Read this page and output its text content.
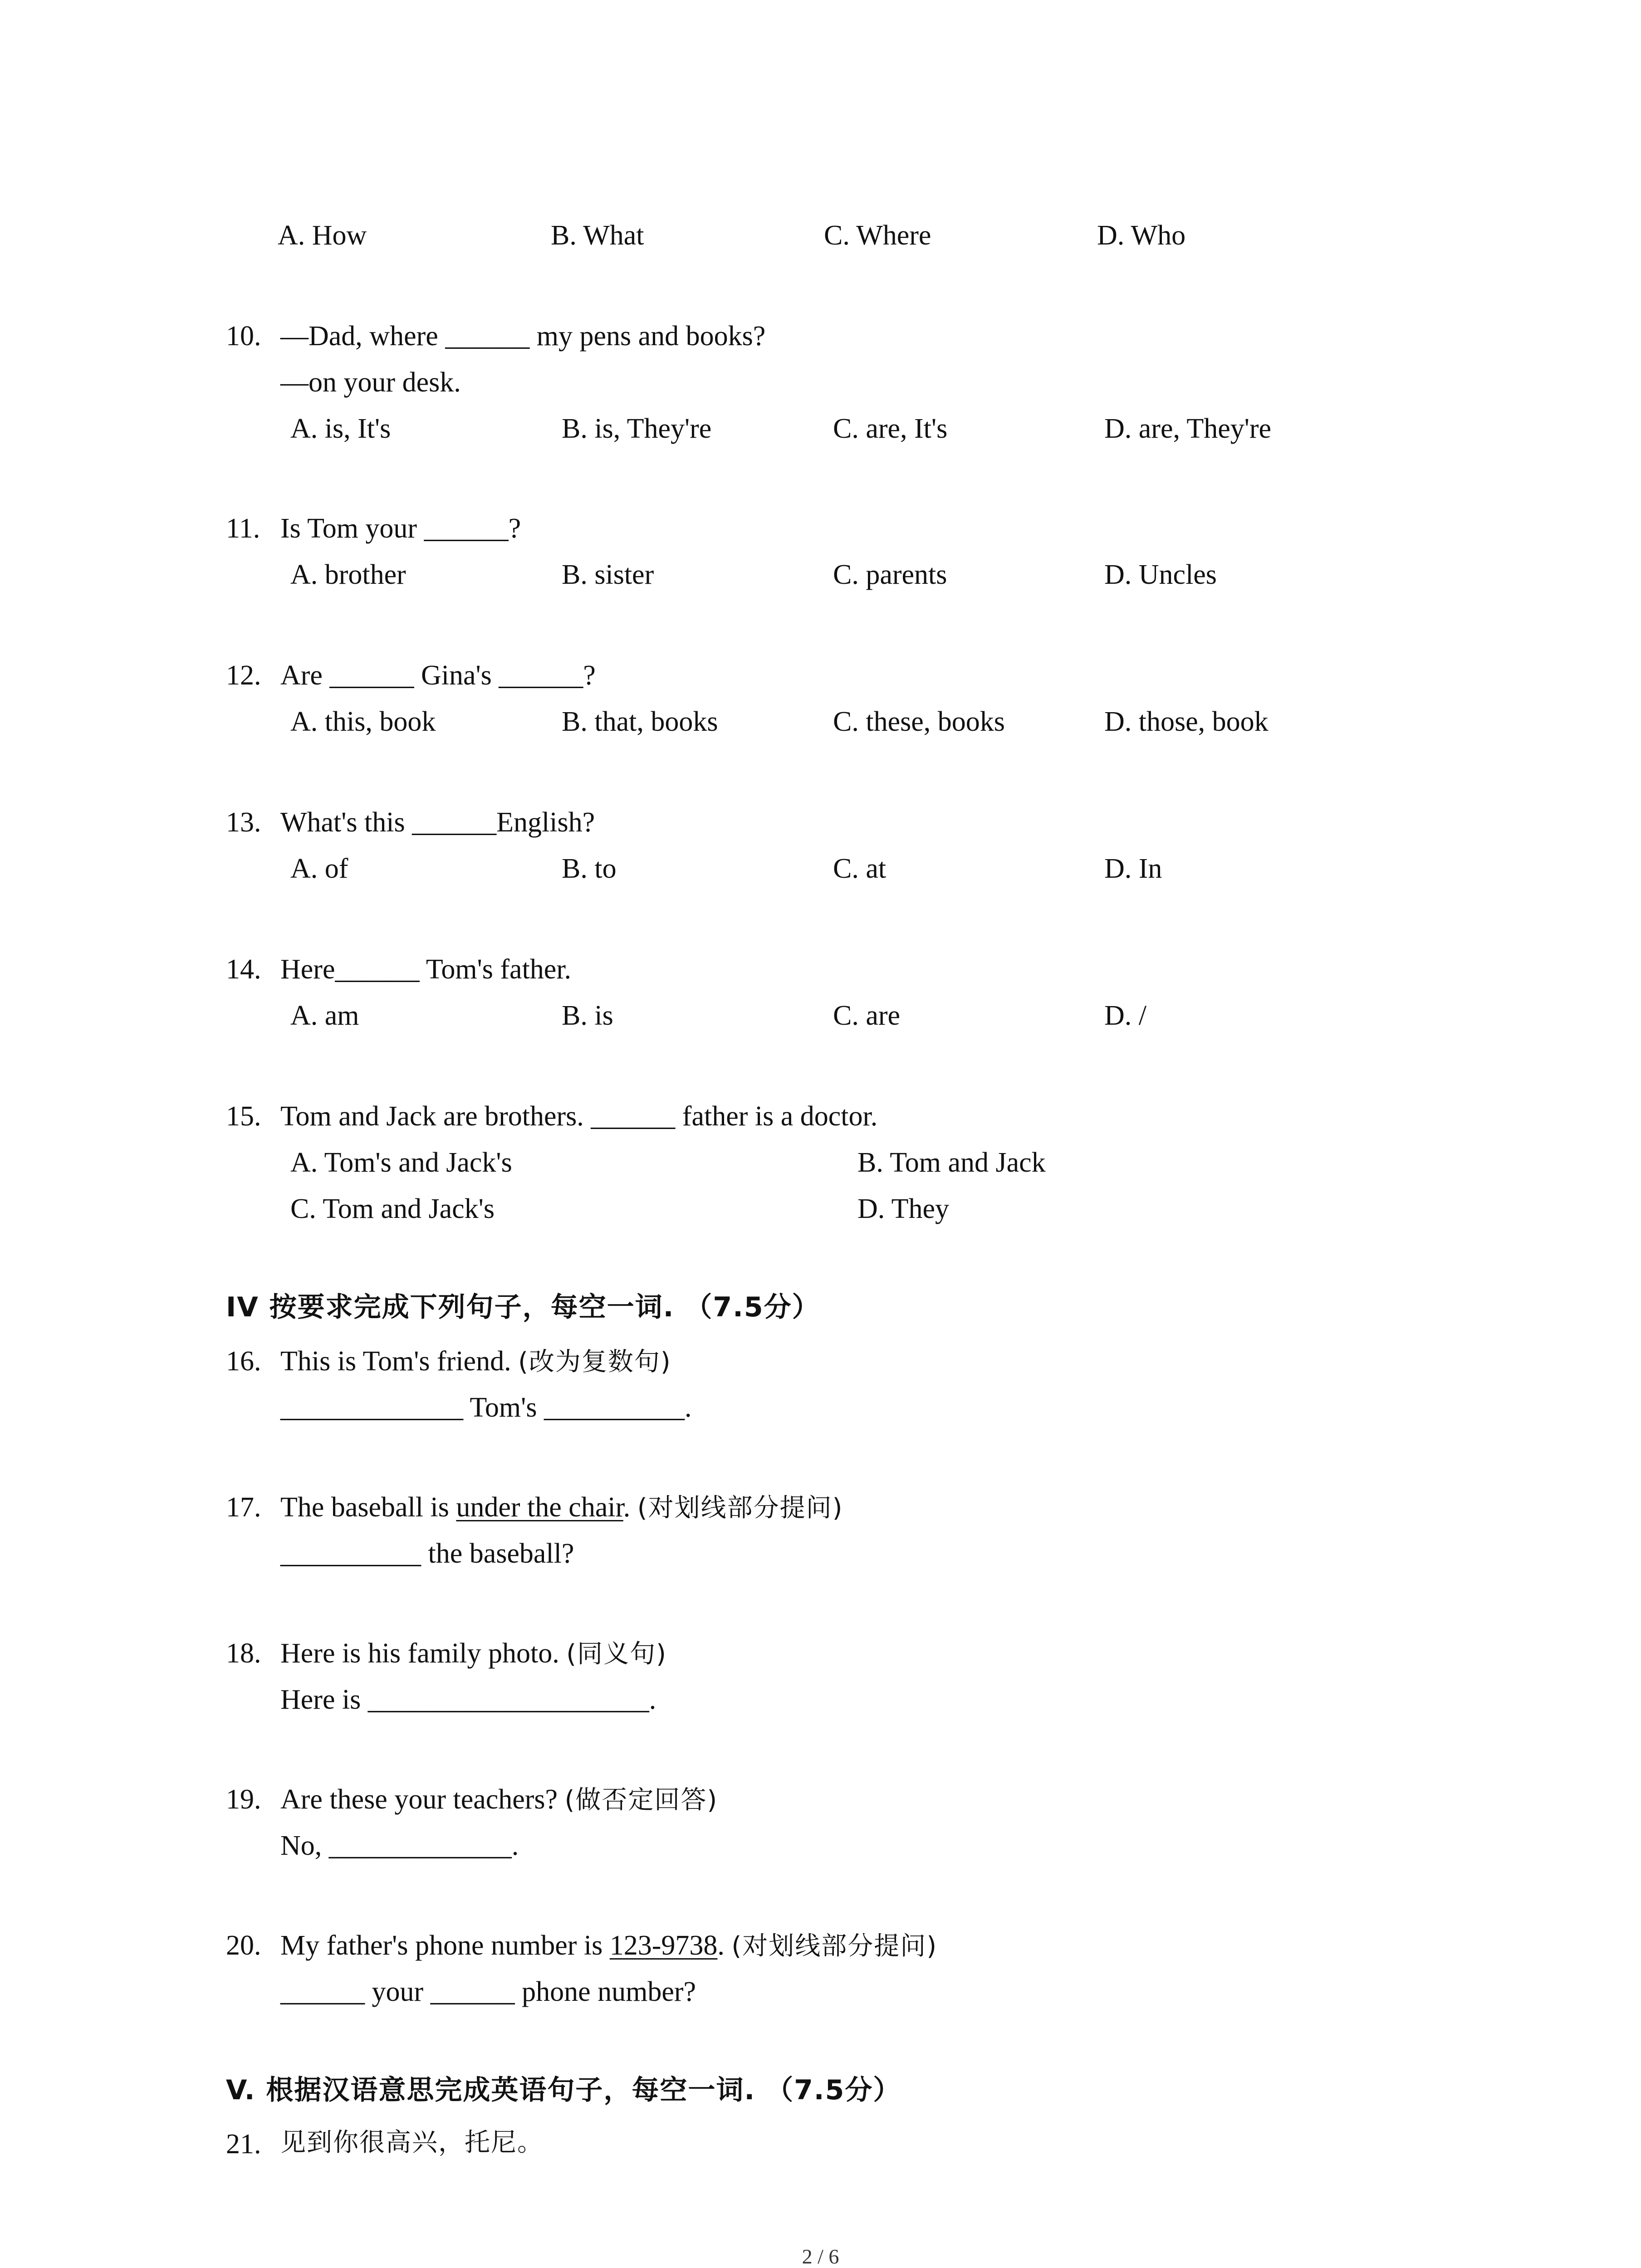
A. How	B. What	C. Where	D. Who
10. —Dad, where ______ my pens and books?
—on your desk.
A. is, It's	B. is, They're	C. are, It's	D. are, They're
11. Is Tom your ______?
A. brother	B. sister	C. parents	D. Uncles
12. Are ______ Gina's ______?
A. this, book	B. that, books	C. these, books	D. those, book
13. What's this ______English?
A. of	B. to	C. at	D. In
14. Here______ Tom's father.
A. am	B. is	C. are	D. /
15. Tom and Jack are brothers. ______ father is a doctor.
A. Tom's and Jack's	B. Tom and Jack
C. Tom and Jack's	D. They
IV 按要求完成下列句子，每空一词. （7.5分）
16. This is Tom's friend. (改为复数句)
_____________ Tom's __________.
17. The baseball is under the chair. (对划线部分提问)
__________ the baseball?
18. Here is his family photo. (同义句)
Here is ____________________.
19. Are these your teachers? (做否定回答)
No, _____________.
20. My father's phone number is 123-9738. (对划线部分提问)
______ your ______ phone number?
V. 根据汉语意思完成英语句子，每空一词. （7.5分）
21. 见到你很高兴，托尼。
2 / 6
